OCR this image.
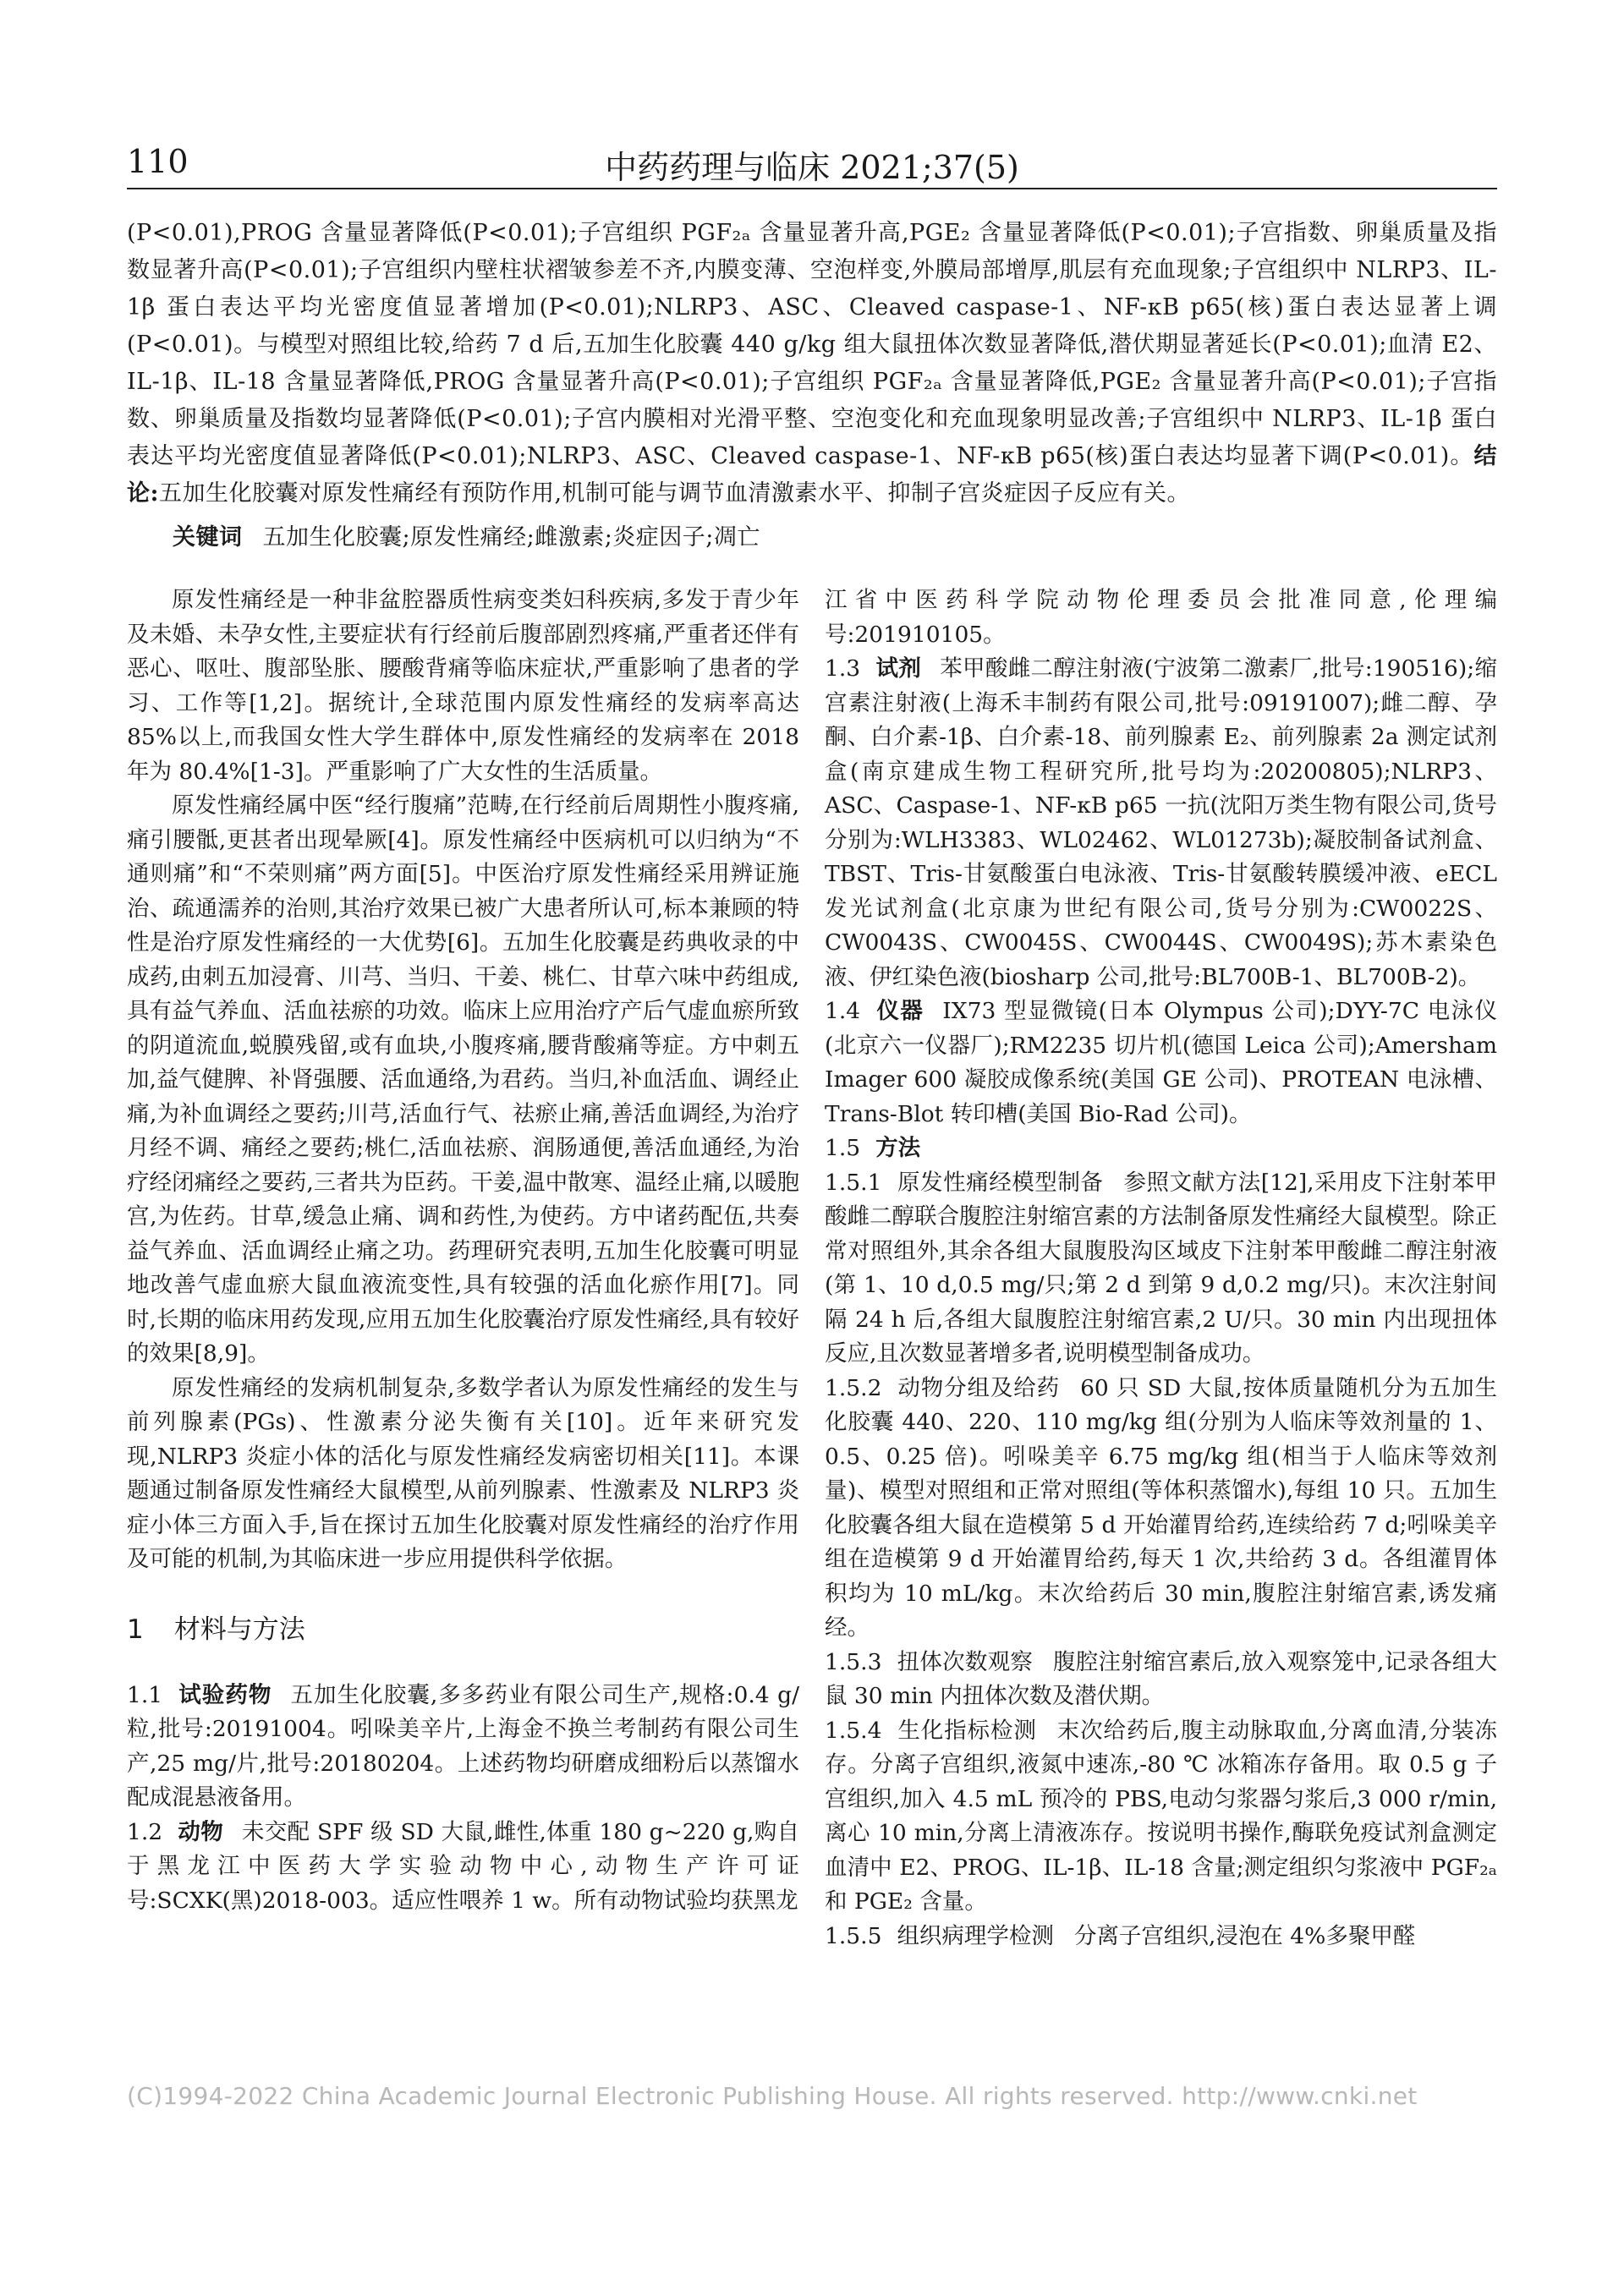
110	中药药理与临床 2021;37(5)

(P<0.01),PROG 含量显著降低(P<0.01);子宫组织 PGF₂ₐ 含量显著升高,PGE₂ 含量显著降低(P<0.01);子宫指数、卵巢质量及指数显著升高(P<0.01);子宫组织内壁柱状褶皱参差不齐,内膜变薄、空泡样变,外膜局部增厚,肌层有充血现象;子宫组织中 NLRP3、IL-1β 蛋白表达平均光密度值显著增加(P<0.01);NLRP3、ASC、Cleaved caspase-1、NF-κB p65(核)蛋白表达显著上调(P<0.01)。与模型对照组比较,给药 7 d 后,五加生化胶囊 440 g/kg 组大鼠扭体次数显著降低,潜伏期显著延长(P<0.01);血清 E2、IL-1β、IL-18 含量显著降低,PROG 含量显著升高(P<0.01);子宫组织 PGF₂ₐ 含量显著降低,PGE₂ 含量显著升高(P<0.01);子宫指数、卵巢质量及指数均显著降低(P<0.01);子宫内膜相对光滑平整、空泡变化和充血现象明显改善;子宫组织中 NLRP3、IL-1β 蛋白表达平均光密度值显著降低(P<0.01);NLRP3、ASC、Cleaved caspase-1、NF-κB p65(核)蛋白表达均显著下调(P<0.01)。结论:五加生化胶囊对原发性痛经有预防作用,机制可能与调节血清激素水平、抑制子宫炎症因子反应有关。

关键词 五加生化胶囊;原发性痛经;雌激素;炎症因子;凋亡

原发性痛经是一种非盆腔器质性病变类妇科疾病,多发于青少年及未婚、未孕女性,主要症状有行经前后腹部剧烈疼痛,严重者还伴有恶心、呕吐、腹部坠胀、腰酸背痛等临床症状,严重影响了患者的学习、工作等[1,2]。据统计,全球范围内原发性痛经的发病率高达 85%以上,而我国女性大学生群体中,原发性痛经的发病率在 2018 年为 80.4%[1-3]。严重影响了广大女性的生活质量。

原发性痛经属中医“经行腹痛”范畴,在行经前后周期性小腹疼痛,痛引腰骶,更甚者出现晕厥[4]。原发性痛经中医病机可以归纳为“不通则痛”和“不荣则痛”两方面[5]。中医治疗原发性痛经采用辨证施治、疏通濡养的治则,其治疗效果已被广大患者所认可,标本兼顾的特性是治疗原发性痛经的一大优势[6]。五加生化胶囊是药典收录的中成药,由刺五加浸膏、川芎、当归、干姜、桃仁、甘草六味中药组成,具有益气养血、活血祛瘀的功效。临床上应用治疗产后气虚血瘀所致的阴道流血,蜕膜残留,或有血块,小腹疼痛,腰背酸痛等症。方中刺五加,益气健脾、补肾强腰、活血通络,为君药。当归,补血活血、调经止痛,为补血调经之要药;川芎,活血行气、祛瘀止痛,善活血调经,为治疗月经不调、痛经之要药;桃仁,活血祛瘀、润肠通便,善活血通经,为治疗经闭痛经之要药,三者共为臣药。干姜,温中散寒、温经止痛,以暖胞宫,为佐药。甘草,缓急止痛、调和药性,为使药。方中诸药配伍,共奏益气养血、活血调经止痛之功。药理研究表明,五加生化胶囊可明显地改善气虚血瘀大鼠血液流变性,具有较强的活血化瘀作用[7]。同时,长期的临床用药发现,应用五加生化胶囊治疗原发性痛经,具有较好的效果[8,9]。

原发性痛经的发病机制复杂,多数学者认为原发性痛经的发生与前列腺素(PGs)、性激素分泌失衡有关[10]。近年来研究发现,NLRP3 炎症小体的活化与原发性痛经发病密切相关[11]。本课题通过制备原发性痛经大鼠模型,从前列腺素、性激素及 NLRP3 炎症小体三方面入手,旨在探讨五加生化胶囊对原发性痛经的治疗作用及可能的机制,为其临床进一步应用提供科学依据。

1 材料与方法

1.1 试验药物 五加生化胶囊,多多药业有限公司生产,规格:0.4 g/粒,批号:20191004。吲哚美辛片,上海金不换兰考制药有限公司生产,25 mg/片,批号:20180204。上述药物均研磨成细粉后以蒸馏水配成混悬液备用。

1.2 动物 未交配 SPF 级 SD 大鼠,雌性,体重 180 g~220 g,购自于黑龙江中医药大学实验动物中心,动物生产许可证号:SCXK(黑)2018-003。适应性喂养 1 w。所有动物试验均获黑龙

江省中医药科学院动物伦理委员会批准同意,伦理编号:201910105。

1.3 试剂 苯甲酸雌二醇注射液(宁波第二激素厂,批号:190516);缩宫素注射液(上海禾丰制药有限公司,批号:09191007);雌二醇、孕酮、白介素-1β、白介素-18、前列腺素 E₂、前列腺素 2a 测定试剂盒(南京建成生物工程研究所,批号均为:20200805);NLRP3、ASC、Caspase-1、NF-κB p65 一抗(沈阳万类生物有限公司,货号分别为:WLH3383、WL02462、WL01273b);凝胶制备试剂盒、TBST、Tris-甘氨酸蛋白电泳液、Tris-甘氨酸转膜缓冲液、eECL 发光试剂盒(北京康为世纪有限公司,货号分别为:CW0022S、CW0043S、CW0045S、CW0044S、CW0049S);苏木素染色液、伊红染色液(biosharp 公司,批号:BL700B-1、BL700B-2)。

1.4 仪器 IX73 型显微镜(日本 Olympus 公司);DYY-7C 电泳仪(北京六一仪器厂);RM2235 切片机(德国 Leica 公司);Amersham Imager 600 凝胶成像系统(美国 GE 公司)、PROTEAN 电泳槽、Trans-Blot 转印槽(美国 Bio-Rad 公司)。

1.5 方法

1.5.1 原发性痛经模型制备 参照文献方法[12],采用皮下注射苯甲酸雌二醇联合腹腔注射缩宫素的方法制备原发性痛经大鼠模型。除正常对照组外,其余各组大鼠腹股沟区域皮下注射苯甲酸雌二醇注射液(第 1、10 d,0.5 mg/只;第 2 d 到第 9 d,0.2 mg/只)。末次注射间隔 24 h 后,各组大鼠腹腔注射缩宫素,2 U/只。30 min 内出现扭体反应,且次数显著增多者,说明模型制备成功。

1.5.2 动物分组及给药 60 只 SD 大鼠,按体质量随机分为五加生化胶囊 440、220、110 mg/kg 组(分别为人临床等效剂量的 1、0.5、0.25 倍)。吲哚美辛 6.75 mg/kg 组(相当于人临床等效剂量)、模型对照组和正常对照组(等体积蒸馏水),每组 10 只。五加生化胶囊各组大鼠在造模第 5 d 开始灌胃给药,连续给药 7 d;吲哚美辛组在造模第 9 d 开始灌胃给药,每天 1 次,共给药 3 d。各组灌胃体积均为 10 mL/kg。末次给药后 30 min,腹腔注射缩宫素,诱发痛经。

1.5.3 扭体次数观察 腹腔注射缩宫素后,放入观察笼中,记录各组大鼠 30 min 内扭体次数及潜伏期。

1.5.4 生化指标检测 末次给药后,腹主动脉取血,分离血清,分装冻存。分离子宫组织,液氮中速冻,-80 ℃ 冰箱冻存备用。取 0.5 g 子宫组织,加入 4.5 mL 预冷的 PBS,电动匀浆器匀浆后,3 000 r/min,离心 10 min,分离上清液冻存。按说明书操作,酶联免疫试剂盒测定血清中 E2、PROG、IL-1β、IL-18 含量;测定组织匀浆液中 PGF₂ₐ 和 PGE₂ 含量。

1.5.5 组织病理学检测 分离子宫组织,浸泡在 4%多聚甲醛

(C)1994-2022 China Academic Journal Electronic Publishing House. All rights reserved. http://www.cnki.net
